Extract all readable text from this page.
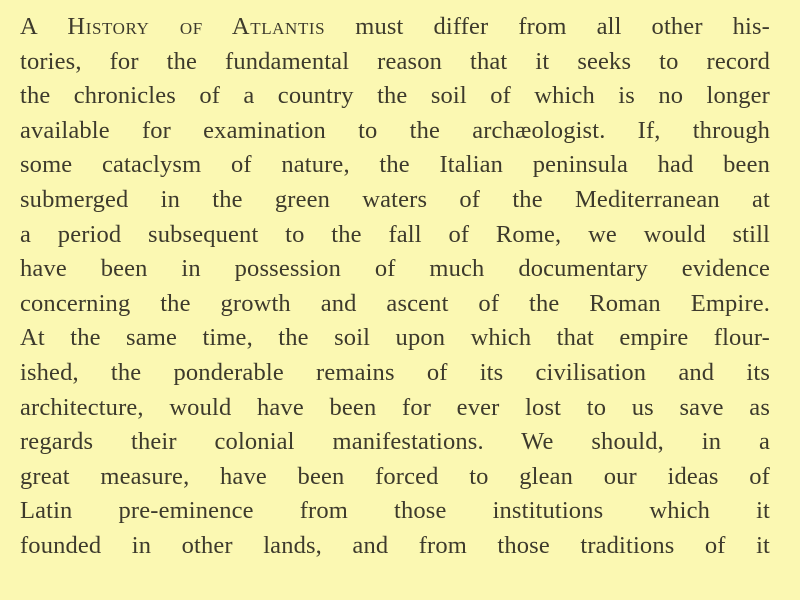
A History of Atlantis must differ from all other his-
tories, for the fundamental reason that it seeks to record
the chronicles of a country the soil of which is no longer
available for examination to the archæologist. If, through
some cataclysm of nature, the Italian peninsula had been
submerged in the green waters of the Mediterranean at
a period subsequent to the fall of Rome, we would still
have been in possession of much documentary evidence
concerning the growth and ascent of the Roman Empire.
At the same time, the soil upon which that empire flour-
ished, the ponderable remains of its civilisation and its
architecture, would have been for ever lost to us save as
regards their colonial manifestations. We should, in a
great measure, have been forced to glean our ideas of
Latin pre-eminence from those institutions which it
founded in other lands, and from those traditions of it
